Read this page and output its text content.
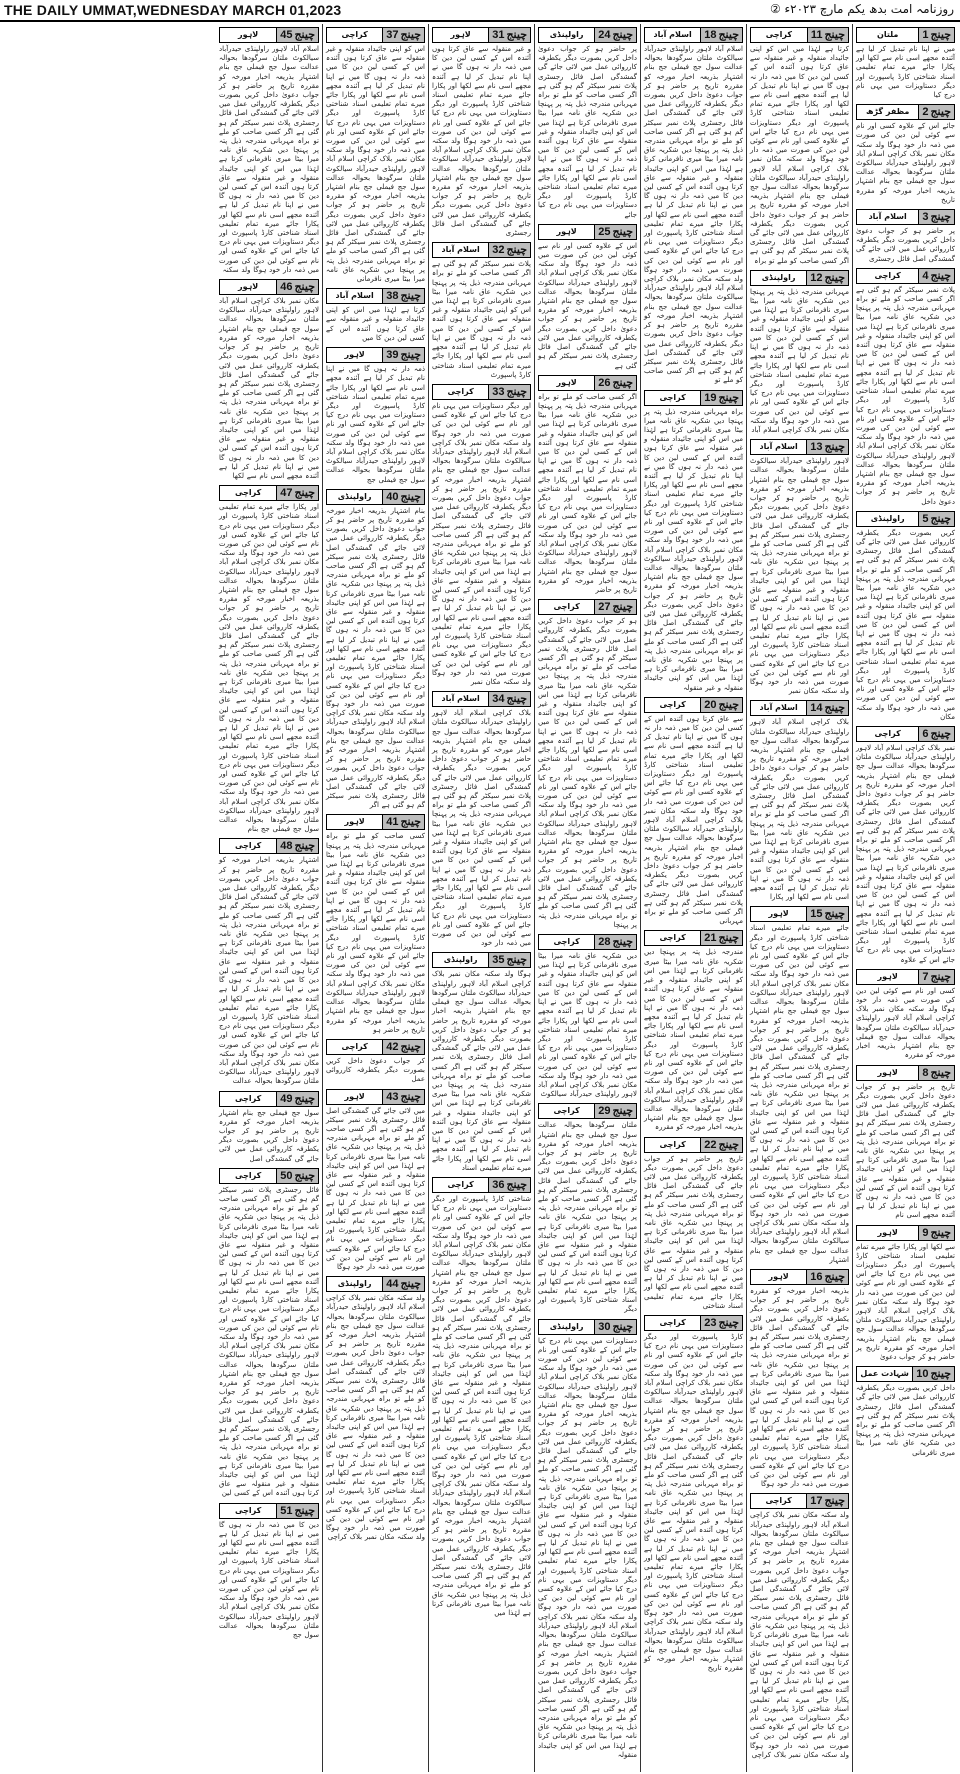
THE DAILY UMMAT,WEDNESDAY MARCH 01,2023	روزنامہ امت بدھ یکم مارچ ۲۰۲۳ء ②
چینج1
ملتان
میں نے اپنا نام تبدیل کر لیا ہے آئندہ مجھے اسی نام سے لکھا اور پکارا جائے میرے تمام تعلیمی اسناد شناختی کارڈ پاسپورٹ اور دیگر دستاویزات میں یہی نام درج کیا
چینج2
مظفر گڑھ
جائے اس کے علاوہ کسی اور نام سے کوئی لین دین کی صورت میں ذمہ دار خود ہوگا ولد سکنہ مکان نمبر بلاک کراچی اسلام آباد لاہور راولپنڈی حیدرآباد سیالکوٹ ملتان سرگودھا بحوالہ عدالت سول جج فیملی جج بنام اشتہار بذریعہ اخبار مورخہ کو مقررہ تاریخ
چینج3
اسلام آباد
پر حاضر ہو کر جواب دعویٰ داخل کریں بصورت دیگر یکطرفہ کارروائی عمل میں لائی جائے گی گمشدگی اصل فائل رجسٹری
چینج4
کراچی
پلاٹ نمبر سیکٹر گم ہو گئی ہے اگر کسی صاحب کو ملے تو براہ مہربانی مندرجہ ذیل پتہ پر پہنچا دیں شکریہ عاق نامہ میرا بیٹا میری نافرمانی کرتا ہے لہٰذا میں اس کو اپنی جائیداد منقولہ و غیر منقولہ سے عاق کرتا ہوں آئندہ اس کے کسی لین دین کا میں ذمہ دار نہ ہوں گا میں نے اپنا نام تبدیل کر لیا ہے آئندہ مجھے اسی نام سے لکھا اور پکارا جائے میرے تمام تعلیمی اسناد شناختی کارڈ پاسپورٹ اور دیگر دستاویزات میں یہی نام درج کیا جائے اس کے علاوہ کسی اور نام سے کوئی لین دین کی صورت میں ذمہ دار خود ہوگا ولد سکنہ مکان نمبر بلاک کراچی اسلام آباد لاہور راولپنڈی حیدرآباد سیالکوٹ ملتان سرگودھا بحوالہ عدالت سول جج فیملی جج بنام اشتہار بذریعہ اخبار مورخہ کو مقررہ تاریخ پر حاضر ہو کر جواب دعویٰ داخل
چینج5
راولپنڈی
کریں بصورت دیگر یکطرفہ کارروائی عمل میں لائی جائے گی گمشدگی اصل فائل رجسٹری پلاٹ نمبر سیکٹر گم ہو گئی ہے اگر کسی صاحب کو ملے تو براہ مہربانی مندرجہ ذیل پتہ پر پہنچا دیں شکریہ عاق نامہ میرا بیٹا میری نافرمانی کرتا ہے لہٰذا میں اس کو اپنی جائیداد منقولہ و غیر منقولہ سے عاق کرتا ہوں آئندہ اس کے کسی لین دین کا میں ذمہ دار نہ ہوں گا میں نے اپنا نام تبدیل کر لیا ہے آئندہ مجھے اسی نام سے لکھا اور پکارا جائے میرے تمام تعلیمی اسناد شناختی کارڈ پاسپورٹ اور دیگر دستاویزات میں یہی نام درج کیا جائے اس کے علاوہ کسی اور نام سے کوئی لین دین کی صورت میں ذمہ دار خود ہوگا ولد سکنہ مکان
چینج6
کراچی
نمبر بلاک کراچی اسلام آباد لاہور راولپنڈی حیدرآباد سیالکوٹ ملتان سرگودھا بحوالہ عدالت سول جج فیملی جج بنام اشتہار بذریعہ اخبار مورخہ کو مقررہ تاریخ پر حاضر ہو کر جواب دعویٰ داخل کریں بصورت دیگر یکطرفہ کارروائی عمل میں لائی جائے گی گمشدگی اصل فائل رجسٹری پلاٹ نمبر سیکٹر گم ہو گئی ہے اگر کسی صاحب کو ملے تو براہ مہربانی مندرجہ ذیل پتہ پر پہنچا دیں شکریہ عاق نامہ میرا بیٹا میری نافرمانی کرتا ہے لہٰذا میں اس کو اپنی جائیداد منقولہ و غیر منقولہ سے عاق کرتا ہوں آئندہ اس کے کسی لین دین کا میں ذمہ دار نہ ہوں گا میں نے اپنا نام تبدیل کر لیا ہے آئندہ مجھے اسی نام سے لکھا اور پکارا جائے میرے تمام تعلیمی اسناد شناختی کارڈ پاسپورٹ اور دیگر دستاویزات میں یہی نام درج کیا جائے اس کے علاوہ
چینج7
لاہور
کسی اور نام سے کوئی لین دین کی صورت میں ذمہ دار خود ہوگا ولد سکنہ مکان نمبر بلاک کراچی اسلام آباد لاہور راولپنڈی حیدرآباد سیالکوٹ ملتان سرگودھا بحوالہ عدالت سول جج فیملی جج بنام اشتہار بذریعہ اخبار مورخہ کو مقررہ
چینج8
لاہور
تاریخ پر حاضر ہو کر جواب دعویٰ داخل کریں بصورت دیگر یکطرفہ کارروائی عمل میں لائی جائے گی گمشدگی اصل فائل رجسٹری پلاٹ نمبر سیکٹر گم ہو گئی ہے اگر کسی صاحب کو ملے تو براہ مہربانی مندرجہ ذیل پتہ پر پہنچا دیں شکریہ عاق نامہ میرا بیٹا میری نافرمانی کرتا ہے لہٰذا میں اس کو اپنی جائیداد منقولہ و غیر منقولہ سے عاق کرتا ہوں آئندہ اس کے کسی لین دین کا میں ذمہ دار نہ ہوں گا میں نے اپنا نام تبدیل کر لیا ہے آئندہ مجھے اسی نام
چینج9
لاہور
سے لکھا اور پکارا جائے میرے تمام تعلیمی اسناد شناختی کارڈ پاسپورٹ اور دیگر دستاویزات میں یہی نام درج کیا جائے اس کے علاوہ کسی اور نام سے کوئی لین دین کی صورت میں ذمہ دار خود ہوگا ولد سکنہ مکان نمبر بلاک کراچی اسلام آباد لاہور راولپنڈی حیدرآباد سیالکوٹ ملتان سرگودھا بحوالہ عدالت سول جج فیملی جج بنام اشتہار بذریعہ اخبار مورخہ کو مقررہ تاریخ پر حاضر ہو کر جواب دعویٰ
چینج10
شہادت عمل
داخل کریں بصورت دیگر یکطرفہ کارروائی عمل میں لائی جائے گی گمشدگی اصل فائل رجسٹری پلاٹ نمبر سیکٹر گم ہو گئی ہے اگر کسی صاحب کو ملے تو براہ مہربانی مندرجہ ذیل پتہ پر پہنچا دیں شکریہ عاق نامہ میرا بیٹا میری نافرمانی
چینج11
کراچی
کرتا ہے لہٰذا میں اس کو اپنی جائیداد منقولہ و غیر منقولہ سے عاق کرتا ہوں آئندہ اس کے کسی لین دین کا میں ذمہ دار نہ ہوں گا میں نے اپنا نام تبدیل کر لیا ہے آئندہ مجھے اسی نام سے لکھا اور پکارا جائے میرے تمام تعلیمی اسناد شناختی کارڈ پاسپورٹ اور دیگر دستاویزات میں یہی نام درج کیا جائے اس کے علاوہ کسی اور نام سے کوئی لین دین کی صورت میں ذمہ دار خود ہوگا ولد سکنہ مکان نمبر بلاک کراچی اسلام آباد لاہور راولپنڈی حیدرآباد سیالکوٹ ملتان سرگودھا بحوالہ عدالت سول جج فیملی جج بنام اشتہار بذریعہ اخبار مورخہ کو مقررہ تاریخ پر حاضر ہو کر جواب دعویٰ داخل کریں بصورت دیگر یکطرفہ کارروائی عمل میں لائی جائے گی گمشدگی اصل فائل رجسٹری پلاٹ نمبر سیکٹر گم ہو گئی ہے اگر کسی صاحب کو ملے تو براہ
چینج12
راولپنڈی
مہربانی مندرجہ ذیل پتہ پر پہنچا دیں شکریہ عاق نامہ میرا بیٹا میری نافرمانی کرتا ہے لہٰذا میں اس کو اپنی جائیداد منقولہ و غیر منقولہ سے عاق کرتا ہوں آئندہ اس کے کسی لین دین کا میں ذمہ دار نہ ہوں گا میں نے اپنا نام تبدیل کر لیا ہے آئندہ مجھے اسی نام سے لکھا اور پکارا جائے میرے تمام تعلیمی اسناد شناختی کارڈ پاسپورٹ اور دیگر دستاویزات میں یہی نام درج کیا جائے اس کے علاوہ کسی اور نام سے کوئی لین دین کی صورت میں ذمہ دار خود ہوگا ولد سکنہ مکان نمبر بلاک کراچی اسلام آباد
چینج13
اسلام آباد
لاہور راولپنڈی حیدرآباد سیالکوٹ ملتان سرگودھا بحوالہ عدالت سول جج فیملی جج بنام اشتہار بذریعہ اخبار مورخہ کو مقررہ تاریخ پر حاضر ہو کر جواب دعویٰ داخل کریں بصورت دیگر یکطرفہ کارروائی عمل میں لائی جائے گی گمشدگی اصل فائل رجسٹری پلاٹ نمبر سیکٹر گم ہو گئی ہے اگر کسی صاحب کو ملے تو براہ مہربانی مندرجہ ذیل پتہ پر پہنچا دیں شکریہ عاق نامہ میرا بیٹا میری نافرمانی کرتا ہے لہٰذا میں اس کو اپنی جائیداد منقولہ و غیر منقولہ سے عاق کرتا ہوں آئندہ اس کے کسی لین دین کا میں ذمہ دار نہ ہوں گا میں نے اپنا نام تبدیل کر لیا ہے آئندہ مجھے اسی نام سے لکھا اور پکارا جائے میرے تمام تعلیمی اسناد شناختی کارڈ پاسپورٹ اور دیگر دستاویزات میں یہی نام درج کیا جائے اس کے علاوہ کسی اور نام سے کوئی لین دین کی صورت میں ذمہ دار خود ہوگا ولد سکنہ مکان نمبر
چینج14
اسلام آباد
بلاک کراچی اسلام آباد لاہور راولپنڈی حیدرآباد سیالکوٹ ملتان سرگودھا بحوالہ عدالت سول جج فیملی جج بنام اشتہار بذریعہ اخبار مورخہ کو مقررہ تاریخ پر حاضر ہو کر جواب دعویٰ داخل کریں بصورت دیگر یکطرفہ کارروائی عمل میں لائی جائے گی گمشدگی اصل فائل رجسٹری پلاٹ نمبر سیکٹر گم ہو گئی ہے اگر کسی صاحب کو ملے تو براہ مہربانی مندرجہ ذیل پتہ پر پہنچا دیں شکریہ عاق نامہ میرا بیٹا میری نافرمانی کرتا ہے لہٰذا میں اس کو اپنی جائیداد منقولہ و غیر منقولہ سے عاق کرتا ہوں آئندہ اس کے کسی لین دین کا میں ذمہ دار نہ ہوں گا میں نے اپنا نام تبدیل کر لیا ہے آئندہ مجھے اسی نام سے لکھا اور پکارا
چینج15
لاہور
جائے میرے تمام تعلیمی اسناد شناختی کارڈ پاسپورٹ اور دیگر دستاویزات میں یہی نام درج کیا جائے اس کے علاوہ کسی اور نام سے کوئی لین دین کی صورت میں ذمہ دار خود ہوگا ولد سکنہ مکان نمبر بلاک کراچی اسلام آباد لاہور راولپنڈی حیدرآباد سیالکوٹ ملتان سرگودھا بحوالہ عدالت سول جج فیملی جج بنام اشتہار بذریعہ اخبار مورخہ کو مقررہ تاریخ پر حاضر ہو کر جواب دعویٰ داخل کریں بصورت دیگر یکطرفہ کارروائی عمل میں لائی جائے گی گمشدگی اصل فائل رجسٹری پلاٹ نمبر سیکٹر گم ہو گئی ہے اگر کسی صاحب کو ملے تو براہ مہربانی مندرجہ ذیل پتہ پر پہنچا دیں شکریہ عاق نامہ میرا بیٹا میری نافرمانی کرتا ہے لہٰذا میں اس کو اپنی جائیداد منقولہ و غیر منقولہ سے عاق کرتا ہوں آئندہ اس کے کسی لین دین کا میں ذمہ دار نہ ہوں گا میں نے اپنا نام تبدیل کر لیا ہے آئندہ مجھے اسی نام سے لکھا اور پکارا جائے میرے تمام تعلیمی اسناد شناختی کارڈ پاسپورٹ اور دیگر دستاویزات میں یہی نام درج کیا جائے اس کے علاوہ کسی اور نام سے کوئی لین دین کی صورت میں ذمہ دار خود ہوگا ولد سکنہ مکان نمبر بلاک کراچی اسلام آباد لاہور راولپنڈی حیدرآباد سیالکوٹ ملتان سرگودھا بحوالہ عدالت سول جج فیملی جج بنام اشتہار
چینج16
لاہور
بذریعہ اخبار مورخہ کو مقررہ تاریخ پر حاضر ہو کر جواب دعویٰ داخل کریں بصورت دیگر یکطرفہ کارروائی عمل میں لائی جائے گی گمشدگی اصل فائل رجسٹری پلاٹ نمبر سیکٹر گم ہو گئی ہے اگر کسی صاحب کو ملے تو براہ مہربانی مندرجہ ذیل پتہ پر پہنچا دیں شکریہ عاق نامہ میرا بیٹا میری نافرمانی کرتا ہے لہٰذا میں اس کو اپنی جائیداد منقولہ و غیر منقولہ سے عاق کرتا ہوں آئندہ اس کے کسی لین دین کا میں ذمہ دار نہ ہوں گا میں نے اپنا نام تبدیل کر لیا ہے آئندہ مجھے اسی نام سے لکھا اور پکارا جائے میرے تمام تعلیمی اسناد شناختی کارڈ پاسپورٹ اور دیگر دستاویزات میں یہی نام درج کیا جائے اس کے علاوہ کسی اور نام سے کوئی لین دین کی صورت میں ذمہ دار خود ہوگا
چینج17
کراچی
ولد سکنہ مکان نمبر بلاک کراچی اسلام آباد لاہور راولپنڈی حیدرآباد سیالکوٹ ملتان سرگودھا بحوالہ عدالت سول جج فیملی جج بنام اشتہار بذریعہ اخبار مورخہ کو مقررہ تاریخ پر حاضر ہو کر جواب دعویٰ داخل کریں بصورت دیگر یکطرفہ کارروائی عمل میں لائی جائے گی گمشدگی اصل فائل رجسٹری پلاٹ نمبر سیکٹر گم ہو گئی ہے اگر کسی صاحب کو ملے تو براہ مہربانی مندرجہ ذیل پتہ پر پہنچا دیں شکریہ عاق نامہ میرا بیٹا میری نافرمانی کرتا ہے لہٰذا میں اس کو اپنی جائیداد منقولہ و غیر منقولہ سے عاق کرتا ہوں آئندہ اس کے کسی لین دین کا میں ذمہ دار نہ ہوں گا میں نے اپنا نام تبدیل کر لیا ہے آئندہ مجھے اسی نام سے لکھا اور پکارا جائے میرے تمام تعلیمی اسناد شناختی کارڈ پاسپورٹ اور دیگر دستاویزات میں یہی نام درج کیا جائے اس کے علاوہ کسی اور نام سے کوئی لین دین کی صورت میں ذمہ دار خود ہوگا ولد سکنہ مکان نمبر بلاک کراچی
چینج18
اسلام آباد
اسلام آباد لاہور راولپنڈی حیدرآباد سیالکوٹ ملتان سرگودھا بحوالہ عدالت سول جج فیملی جج بنام اشتہار بذریعہ اخبار مورخہ کو مقررہ تاریخ پر حاضر ہو کر جواب دعویٰ داخل کریں بصورت دیگر یکطرفہ کارروائی عمل میں لائی جائے گی گمشدگی اصل فائل رجسٹری پلاٹ نمبر سیکٹر گم ہو گئی ہے اگر کسی صاحب کو ملے تو براہ مہربانی مندرجہ ذیل پتہ پر پہنچا دیں شکریہ عاق نامہ میرا بیٹا میری نافرمانی کرتا ہے لہٰذا میں اس کو اپنی جائیداد منقولہ و غیر منقولہ سے عاق کرتا ہوں آئندہ اس کے کسی لین دین کا میں ذمہ دار نہ ہوں گا میں نے اپنا نام تبدیل کر لیا ہے آئندہ مجھے اسی نام سے لکھا اور پکارا جائے میرے تمام تعلیمی اسناد شناختی کارڈ پاسپورٹ اور دیگر دستاویزات میں یہی نام درج کیا جائے اس کے علاوہ کسی اور نام سے کوئی لین دین کی صورت میں ذمہ دار خود ہوگا ولد سکنہ مکان نمبر بلاک کراچی اسلام آباد لاہور راولپنڈی حیدرآباد سیالکوٹ ملتان سرگودھا بحوالہ عدالت سول جج فیملی جج بنام اشتہار بذریعہ اخبار مورخہ کو مقررہ تاریخ پر حاضر ہو کر جواب دعویٰ داخل کریں بصورت دیگر یکطرفہ کارروائی عمل میں لائی جائے گی گمشدگی اصل فائل رجسٹری پلاٹ نمبر سیکٹر گم ہو گئی ہے اگر کسی صاحب کو ملے تو
چینج19
کراچی
براہ مہربانی مندرجہ ذیل پتہ پر پہنچا دیں شکریہ عاق نامہ میرا بیٹا میری نافرمانی کرتا ہے لہٰذا میں اس کو اپنی جائیداد منقولہ و غیر منقولہ سے عاق کرتا ہوں آئندہ اس کے کسی لین دین کا میں ذمہ دار نہ ہوں گا میں نے اپنا نام تبدیل کر لیا ہے آئندہ مجھے اسی نام سے لکھا اور پکارا جائے میرے تمام تعلیمی اسناد شناختی کارڈ پاسپورٹ اور دیگر دستاویزات میں یہی نام درج کیا جائے اس کے علاوہ کسی اور نام سے کوئی لین دین کی صورت میں ذمہ دار خود ہوگا ولد سکنہ مکان نمبر بلاک کراچی اسلام آباد لاہور راولپنڈی حیدرآباد سیالکوٹ ملتان سرگودھا بحوالہ عدالت سول جج فیملی جج بنام اشتہار بذریعہ اخبار مورخہ کو مقررہ تاریخ پر حاضر ہو کر جواب دعویٰ داخل کریں بصورت دیگر یکطرفہ کارروائی عمل میں لائی جائے گی گمشدگی اصل فائل رجسٹری پلاٹ نمبر سیکٹر گم ہو گئی ہے اگر کسی صاحب کو ملے تو براہ مہربانی مندرجہ ذیل پتہ پر پہنچا دیں شکریہ عاق نامہ میرا بیٹا میری نافرمانی کرتا ہے لہٰذا میں اس کو اپنی جائیداد منقولہ و غیر منقولہ
چینج20
کراچی
سے عاق کرتا ہوں آئندہ اس کے کسی لین دین کا میں ذمہ دار نہ ہوں گا میں نے اپنا نام تبدیل کر لیا ہے آئندہ مجھے اسی نام سے لکھا اور پکارا جائے میرے تمام تعلیمی اسناد شناختی کارڈ پاسپورٹ اور دیگر دستاویزات میں یہی نام درج کیا جائے اس کے علاوہ کسی اور نام سے کوئی لین دین کی صورت میں ذمہ دار خود ہوگا ولد سکنہ مکان نمبر بلاک کراچی اسلام آباد لاہور راولپنڈی حیدرآباد سیالکوٹ ملتان سرگودھا بحوالہ عدالت سول جج فیملی جج بنام اشتہار بذریعہ اخبار مورخہ کو مقررہ تاریخ پر حاضر ہو کر جواب دعویٰ داخل کریں بصورت دیگر یکطرفہ کارروائی عمل میں لائی جائے گی گمشدگی اصل فائل رجسٹری پلاٹ نمبر سیکٹر گم ہو گئی ہے اگر کسی صاحب کو ملے تو براہ مہربانی
چینج21
کراچی
مندرجہ ذیل پتہ پر پہنچا دیں شکریہ عاق نامہ میرا بیٹا میری نافرمانی کرتا ہے لہٰذا میں اس کو اپنی جائیداد منقولہ و غیر منقولہ سے عاق کرتا ہوں آئندہ اس کے کسی لین دین کا میں ذمہ دار نہ ہوں گا میں نے اپنا نام تبدیل کر لیا ہے آئندہ مجھے اسی نام سے لکھا اور پکارا جائے میرے تمام تعلیمی اسناد شناختی کارڈ پاسپورٹ اور دیگر دستاویزات میں یہی نام درج کیا جائے اس کے علاوہ کسی اور نام سے کوئی لین دین کی صورت میں ذمہ دار خود ہوگا ولد سکنہ مکان نمبر بلاک کراچی اسلام آباد لاہور راولپنڈی حیدرآباد سیالکوٹ ملتان سرگودھا بحوالہ عدالت سول جج فیملی جج بنام اشتہار بذریعہ اخبار مورخہ کو مقررہ
چینج22
کراچی
تاریخ پر حاضر ہو کر جواب دعویٰ داخل کریں بصورت دیگر یکطرفہ کارروائی عمل میں لائی جائے گی گمشدگی اصل فائل رجسٹری پلاٹ نمبر سیکٹر گم ہو گئی ہے اگر کسی صاحب کو ملے تو براہ مہربانی مندرجہ ذیل پتہ پر پہنچا دیں شکریہ عاق نامہ میرا بیٹا میری نافرمانی کرتا ہے لہٰذا میں اس کو اپنی جائیداد منقولہ و غیر منقولہ سے عاق کرتا ہوں آئندہ اس کے کسی لین دین کا میں ذمہ دار نہ ہوں گا میں نے اپنا نام تبدیل کر لیا ہے آئندہ مجھے اسی نام سے لکھا اور پکارا جائے میرے تمام تعلیمی اسناد شناختی
چینج23
کراچی
کارڈ پاسپورٹ اور دیگر دستاویزات میں یہی نام درج کیا جائے اس کے علاوہ کسی اور نام سے کوئی لین دین کی صورت میں ذمہ دار خود ہوگا ولد سکنہ مکان نمبر بلاک کراچی اسلام آباد لاہور راولپنڈی حیدرآباد سیالکوٹ ملتان سرگودھا بحوالہ عدالت سول جج فیملی جج بنام اشتہار بذریعہ اخبار مورخہ کو مقررہ تاریخ پر حاضر ہو کر جواب دعویٰ داخل کریں بصورت دیگر یکطرفہ کارروائی عمل میں لائی جائے گی گمشدگی اصل فائل رجسٹری پلاٹ نمبر سیکٹر گم ہو گئی ہے اگر کسی صاحب کو ملے تو براہ مہربانی مندرجہ ذیل پتہ پر پہنچا دیں شکریہ عاق نامہ میرا بیٹا میری نافرمانی کرتا ہے لہٰذا میں اس کو اپنی جائیداد منقولہ و غیر منقولہ سے عاق کرتا ہوں آئندہ اس کے کسی لین دین کا میں ذمہ دار نہ ہوں گا میں نے اپنا نام تبدیل کر لیا ہے آئندہ مجھے اسی نام سے لکھا اور پکارا جائے میرے تمام تعلیمی اسناد شناختی کارڈ پاسپورٹ اور دیگر دستاویزات میں یہی نام درج کیا جائے اس کے علاوہ کسی اور نام سے کوئی لین دین کی صورت میں ذمہ دار خود ہوگا ولد سکنہ مکان نمبر بلاک کراچی اسلام آباد لاہور راولپنڈی حیدرآباد سیالکوٹ ملتان سرگودھا بحوالہ عدالت سول جج فیملی جج بنام اشتہار بذریعہ اخبار مورخہ کو مقررہ تاریخ
چینج24
راولپنڈی
پر حاضر ہو کر جواب دعویٰ داخل کریں بصورت دیگر یکطرفہ کارروائی عمل میں لائی جائے گی گمشدگی اصل فائل رجسٹری پلاٹ نمبر سیکٹر گم ہو گئی ہے اگر کسی صاحب کو ملے تو براہ مہربانی مندرجہ ذیل پتہ پر پہنچا دیں شکریہ عاق نامہ میرا بیٹا میری نافرمانی کرتا ہے لہٰذا میں اس کو اپنی جائیداد منقولہ و غیر منقولہ سے عاق کرتا ہوں آئندہ اس کے کسی لین دین کا میں ذمہ دار نہ ہوں گا میں نے اپنا نام تبدیل کر لیا ہے آئندہ مجھے اسی نام سے لکھا اور پکارا جائے میرے تمام تعلیمی اسناد شناختی کارڈ پاسپورٹ اور دیگر دستاویزات میں یہی نام درج کیا جائے
چینج25
لاہور
اس کے علاوہ کسی اور نام سے کوئی لین دین کی صورت میں ذمہ دار خود ہوگا ولد سکنہ مکان نمبر بلاک کراچی اسلام آباد لاہور راولپنڈی حیدرآباد سیالکوٹ ملتان سرگودھا بحوالہ عدالت سول جج فیملی جج بنام اشتہار بذریعہ اخبار مورخہ کو مقررہ تاریخ پر حاضر ہو کر جواب دعویٰ داخل کریں بصورت دیگر یکطرفہ کارروائی عمل میں لائی جائے گی گمشدگی اصل فائل رجسٹری پلاٹ نمبر سیکٹر گم ہو گئی ہے
چینج26
لاہور
اگر کسی صاحب کو ملے تو براہ مہربانی مندرجہ ذیل پتہ پر پہنچا دیں شکریہ عاق نامہ میرا بیٹا میری نافرمانی کرتا ہے لہٰذا میں اس کو اپنی جائیداد منقولہ و غیر منقولہ سے عاق کرتا ہوں آئندہ اس کے کسی لین دین کا میں ذمہ دار نہ ہوں گا میں نے اپنا نام تبدیل کر لیا ہے آئندہ مجھے اسی نام سے لکھا اور پکارا جائے میرے تمام تعلیمی اسناد شناختی کارڈ پاسپورٹ اور دیگر دستاویزات میں یہی نام درج کیا جائے اس کے علاوہ کسی اور نام سے کوئی لین دین کی صورت میں ذمہ دار خود ہوگا ولد سکنہ مکان نمبر بلاک کراچی اسلام آباد لاہور راولپنڈی حیدرآباد سیالکوٹ ملتان سرگودھا بحوالہ عدالت سول جج فیملی جج بنام اشتہار بذریعہ اخبار مورخہ کو مقررہ تاریخ پر حاضر
چینج27
کراچی
ہو کر جواب دعویٰ داخل کریں بصورت دیگر یکطرفہ کارروائی عمل میں لائی جائے گی گمشدگی اصل فائل رجسٹری پلاٹ نمبر سیکٹر گم ہو گئی ہے اگر کسی صاحب کو ملے تو براہ مہربانی مندرجہ ذیل پتہ پر پہنچا دیں شکریہ عاق نامہ میرا بیٹا میری نافرمانی کرتا ہے لہٰذا میں اس کو اپنی جائیداد منقولہ و غیر منقولہ سے عاق کرتا ہوں آئندہ اس کے کسی لین دین کا میں ذمہ دار نہ ہوں گا میں نے اپنا نام تبدیل کر لیا ہے آئندہ مجھے اسی نام سے لکھا اور پکارا جائے میرے تمام تعلیمی اسناد شناختی کارڈ پاسپورٹ اور دیگر دستاویزات میں یہی نام درج کیا جائے اس کے علاوہ کسی اور نام سے کوئی لین دین کی صورت میں ذمہ دار خود ہوگا ولد سکنہ مکان نمبر بلاک کراچی اسلام آباد لاہور راولپنڈی حیدرآباد سیالکوٹ ملتان سرگودھا بحوالہ عدالت سول جج فیملی جج بنام اشتہار بذریعہ اخبار مورخہ کو مقررہ تاریخ پر حاضر ہو کر جواب دعویٰ داخل کریں بصورت دیگر یکطرفہ کارروائی عمل میں لائی جائے گی گمشدگی اصل فائل رجسٹری پلاٹ نمبر سیکٹر گم ہو گئی ہے اگر کسی صاحب کو ملے تو براہ مہربانی مندرجہ ذیل پتہ پر پہنچا
چینج28
کراچی
دیں شکریہ عاق نامہ میرا بیٹا میری نافرمانی کرتا ہے لہٰذا میں اس کو اپنی جائیداد منقولہ و غیر منقولہ سے عاق کرتا ہوں آئندہ اس کے کسی لین دین کا میں ذمہ دار نہ ہوں گا میں نے اپنا نام تبدیل کر لیا ہے آئندہ مجھے اسی نام سے لکھا اور پکارا جائے میرے تمام تعلیمی اسناد شناختی کارڈ پاسپورٹ اور دیگر دستاویزات میں یہی نام درج کیا جائے اس کے علاوہ کسی اور نام سے کوئی لین دین کی صورت میں ذمہ دار خود ہوگا ولد سکنہ مکان نمبر بلاک کراچی اسلام آباد لاہور راولپنڈی حیدرآباد سیالکوٹ
چینج29
کراچی
ملتان سرگودھا بحوالہ عدالت سول جج فیملی جج بنام اشتہار بذریعہ اخبار مورخہ کو مقررہ تاریخ پر حاضر ہو کر جواب دعویٰ داخل کریں بصورت دیگر یکطرفہ کارروائی عمل میں لائی جائے گی گمشدگی اصل فائل رجسٹری پلاٹ نمبر سیکٹر گم ہو گئی ہے اگر کسی صاحب کو ملے تو براہ مہربانی مندرجہ ذیل پتہ پر پہنچا دیں شکریہ عاق نامہ میرا بیٹا میری نافرمانی کرتا ہے لہٰذا میں اس کو اپنی جائیداد منقولہ و غیر منقولہ سے عاق کرتا ہوں آئندہ اس کے کسی لین دین کا میں ذمہ دار نہ ہوں گا میں نے اپنا نام تبدیل کر لیا ہے آئندہ مجھے اسی نام سے لکھا اور پکارا جائے میرے تمام تعلیمی اسناد شناختی کارڈ پاسپورٹ اور دیگر
چینج30
راولپنڈی
دستاویزات میں یہی نام درج کیا جائے اس کے علاوہ کسی اور نام سے کوئی لین دین کی صورت میں ذمہ دار خود ہوگا ولد سکنہ مکان نمبر بلاک کراچی اسلام آباد لاہور راولپنڈی حیدرآباد سیالکوٹ ملتان سرگودھا بحوالہ عدالت سول جج فیملی جج بنام اشتہار بذریعہ اخبار مورخہ کو مقررہ تاریخ پر حاضر ہو کر جواب دعویٰ داخل کریں بصورت دیگر یکطرفہ کارروائی عمل میں لائی جائے گی گمشدگی اصل فائل رجسٹری پلاٹ نمبر سیکٹر گم ہو گئی ہے اگر کسی صاحب کو ملے تو براہ مہربانی مندرجہ ذیل پتہ پر پہنچا دیں شکریہ عاق نامہ میرا بیٹا میری نافرمانی کرتا ہے لہٰذا میں اس کو اپنی جائیداد منقولہ و غیر منقولہ سے عاق کرتا ہوں آئندہ اس کے کسی لین دین کا میں ذمہ دار نہ ہوں گا میں نے اپنا نام تبدیل کر لیا ہے آئندہ مجھے اسی نام سے لکھا اور پکارا جائے میرے تمام تعلیمی اسناد شناختی کارڈ پاسپورٹ اور دیگر دستاویزات میں یہی نام درج کیا جائے اس کے علاوہ کسی اور نام سے کوئی لین دین کی صورت میں ذمہ دار خود ہوگا ولد سکنہ مکان نمبر بلاک کراچی اسلام آباد لاہور راولپنڈی حیدرآباد سیالکوٹ ملتان سرگودھا بحوالہ عدالت سول جج فیملی جج بنام اشتہار بذریعہ اخبار مورخہ کو مقررہ تاریخ پر حاضر ہو کر جواب دعویٰ داخل کریں بصورت دیگر یکطرفہ کارروائی عمل میں لائی جائے گی گمشدگی اصل فائل رجسٹری پلاٹ نمبر سیکٹر گم ہو گئی ہے اگر کسی صاحب کو ملے تو براہ مہربانی مندرجہ ذیل پتہ پر پہنچا دیں شکریہ عاق نامہ میرا بیٹا میری نافرمانی کرتا ہے لہٰذا میں اس کو اپنی جائیداد منقولہ
چینج31
لاہور
و غیر منقولہ سے عاق کرتا ہوں آئندہ اس کے کسی لین دین کا میں ذمہ دار نہ ہوں گا میں نے اپنا نام تبدیل کر لیا ہے آئندہ مجھے اسی نام سے لکھا اور پکارا جائے میرے تمام تعلیمی اسناد شناختی کارڈ پاسپورٹ اور دیگر دستاویزات میں یہی نام درج کیا جائے اس کے علاوہ کسی اور نام سے کوئی لین دین کی صورت میں ذمہ دار خود ہوگا ولد سکنہ مکان نمبر بلاک کراچی اسلام آباد لاہور راولپنڈی حیدرآباد سیالکوٹ ملتان سرگودھا بحوالہ عدالت سول جج فیملی جج بنام اشتہار بذریعہ اخبار مورخہ کو مقررہ تاریخ پر حاضر ہو کر جواب دعویٰ داخل کریں بصورت دیگر یکطرفہ کارروائی عمل میں لائی جائے گی گمشدگی اصل فائل رجسٹری
چینج32
اسلام آباد
پلاٹ نمبر سیکٹر گم ہو گئی ہے اگر کسی صاحب کو ملے تو براہ مہربانی مندرجہ ذیل پتہ پر پہنچا دیں شکریہ عاق نامہ میرا بیٹا میری نافرمانی کرتا ہے لہٰذا میں اس کو اپنی جائیداد منقولہ و غیر منقولہ سے عاق کرتا ہوں آئندہ اس کے کسی لین دین کا میں ذمہ دار نہ ہوں گا میں نے اپنا نام تبدیل کر لیا ہے آئندہ مجھے اسی نام سے لکھا اور پکارا جائے میرے تمام تعلیمی اسناد شناختی کارڈ پاسپورٹ
چینج33
کراچی
اور دیگر دستاویزات میں یہی نام درج کیا جائے اس کے علاوہ کسی اور نام سے کوئی لین دین کی صورت میں ذمہ دار خود ہوگا ولد سکنہ مکان نمبر بلاک کراچی اسلام آباد لاہور راولپنڈی حیدرآباد سیالکوٹ ملتان سرگودھا بحوالہ عدالت سول جج فیملی جج بنام اشتہار بذریعہ اخبار مورخہ کو مقررہ تاریخ پر حاضر ہو کر جواب دعویٰ داخل کریں بصورت دیگر یکطرفہ کارروائی عمل میں لائی جائے گی گمشدگی اصل فائل رجسٹری پلاٹ نمبر سیکٹر گم ہو گئی ہے اگر کسی صاحب کو ملے تو براہ مہربانی مندرجہ ذیل پتہ پر پہنچا دیں شکریہ عاق نامہ میرا بیٹا میری نافرمانی کرتا ہے لہٰذا میں اس کو اپنی جائیداد منقولہ و غیر منقولہ سے عاق کرتا ہوں آئندہ اس کے کسی لین دین کا میں ذمہ دار نہ ہوں گا میں نے اپنا نام تبدیل کر لیا ہے آئندہ مجھے اسی نام سے لکھا اور پکارا جائے میرے تمام تعلیمی اسناد شناختی کارڈ پاسپورٹ اور دیگر دستاویزات میں یہی نام درج کیا جائے اس کے علاوہ کسی اور نام سے کوئی لین دین کی صورت میں ذمہ دار خود ہوگا ولد سکنہ مکان نمبر
چینج34
اسلام آباد
بلاک کراچی اسلام آباد لاہور راولپنڈی حیدرآباد سیالکوٹ ملتان سرگودھا بحوالہ عدالت سول جج فیملی جج بنام اشتہار بذریعہ اخبار مورخہ کو مقررہ تاریخ پر حاضر ہو کر جواب دعویٰ داخل کریں بصورت دیگر یکطرفہ کارروائی عمل میں لائی جائے گی گمشدگی اصل فائل رجسٹری پلاٹ نمبر سیکٹر گم ہو گئی ہے اگر کسی صاحب کو ملے تو براہ مہربانی مندرجہ ذیل پتہ پر پہنچا دیں شکریہ عاق نامہ میرا بیٹا میری نافرمانی کرتا ہے لہٰذا میں اس کو اپنی جائیداد منقولہ و غیر منقولہ سے عاق کرتا ہوں آئندہ اس کے کسی لین دین کا میں ذمہ دار نہ ہوں گا میں نے اپنا نام تبدیل کر لیا ہے آئندہ مجھے اسی نام سے لکھا اور پکارا جائے میرے تمام تعلیمی اسناد شناختی کارڈ پاسپورٹ اور دیگر دستاویزات میں یہی نام درج کیا جائے اس کے علاوہ کسی اور نام سے کوئی لین دین کی صورت میں ذمہ دار خود
چینج35
راولپنڈی
ہوگا ولد سکنہ مکان نمبر بلاک کراچی اسلام آباد لاہور راولپنڈی حیدرآباد سیالکوٹ ملتان سرگودھا بحوالہ عدالت سول جج فیملی جج بنام اشتہار بذریعہ اخبار مورخہ کو مقررہ تاریخ پر حاضر ہو کر جواب دعویٰ داخل کریں بصورت دیگر یکطرفہ کارروائی عمل میں لائی جائے گی گمشدگی اصل فائل رجسٹری پلاٹ نمبر سیکٹر گم ہو گئی ہے اگر کسی صاحب کو ملے تو براہ مہربانی مندرجہ ذیل پتہ پر پہنچا دیں شکریہ عاق نامہ میرا بیٹا میری نافرمانی کرتا ہے لہٰذا میں اس کو اپنی جائیداد منقولہ و غیر منقولہ سے عاق کرتا ہوں آئندہ اس کے کسی لین دین کا میں ذمہ دار نہ ہوں گا میں نے اپنا نام تبدیل کر لیا ہے آئندہ مجھے اسی نام سے لکھا اور پکارا جائے میرے تمام تعلیمی اسناد
چینج36
کراچی
شناختی کارڈ پاسپورٹ اور دیگر دستاویزات میں یہی نام درج کیا جائے اس کے علاوہ کسی اور نام سے کوئی لین دین کی صورت میں ذمہ دار خود ہوگا ولد سکنہ مکان نمبر بلاک کراچی اسلام آباد لاہور راولپنڈی حیدرآباد سیالکوٹ ملتان سرگودھا بحوالہ عدالت سول جج فیملی جج بنام اشتہار بذریعہ اخبار مورخہ کو مقررہ تاریخ پر حاضر ہو کر جواب دعویٰ داخل کریں بصورت دیگر یکطرفہ کارروائی عمل میں لائی جائے گی گمشدگی اصل فائل رجسٹری پلاٹ نمبر سیکٹر گم ہو گئی ہے اگر کسی صاحب کو ملے تو براہ مہربانی مندرجہ ذیل پتہ پر پہنچا دیں شکریہ عاق نامہ میرا بیٹا میری نافرمانی کرتا ہے لہٰذا میں اس کو اپنی جائیداد منقولہ و غیر منقولہ سے عاق کرتا ہوں آئندہ اس کے کسی لین دین کا میں ذمہ دار نہ ہوں گا میں نے اپنا نام تبدیل کر لیا ہے آئندہ مجھے اسی نام سے لکھا اور پکارا جائے میرے تمام تعلیمی اسناد شناختی کارڈ پاسپورٹ اور دیگر دستاویزات میں یہی نام درج کیا جائے اس کے علاوہ کسی اور نام سے کوئی لین دین کی صورت میں ذمہ دار خود ہوگا ولد سکنہ مکان نمبر بلاک کراچی اسلام آباد لاہور راولپنڈی حیدرآباد سیالکوٹ ملتان سرگودھا بحوالہ عدالت سول جج فیملی جج بنام اشتہار بذریعہ اخبار مورخہ کو مقررہ تاریخ پر حاضر ہو کر جواب دعویٰ داخل کریں بصورت دیگر یکطرفہ کارروائی عمل میں لائی جائے گی گمشدگی اصل فائل رجسٹری پلاٹ نمبر سیکٹر گم ہو گئی ہے اگر کسی صاحب کو ملے تو براہ مہربانی مندرجہ ذیل پتہ پر پہنچا دیں شکریہ عاق نامہ میرا بیٹا میری نافرمانی کرتا ہے لہٰذا میں
چینج37
کراچی
اس کو اپنی جائیداد منقولہ و غیر منقولہ سے عاق کرتا ہوں آئندہ اس کے کسی لین دین کا میں ذمہ دار نہ ہوں گا میں نے اپنا نام تبدیل کر لیا ہے آئندہ مجھے اسی نام سے لکھا اور پکارا جائے میرے تمام تعلیمی اسناد شناختی کارڈ پاسپورٹ اور دیگر دستاویزات میں یہی نام درج کیا جائے اس کے علاوہ کسی اور نام سے کوئی لین دین کی صورت میں ذمہ دار خود ہوگا ولد سکنہ مکان نمبر بلاک کراچی اسلام آباد لاہور راولپنڈی حیدرآباد سیالکوٹ ملتان سرگودھا بحوالہ عدالت سول جج فیملی جج بنام اشتہار بذریعہ اخبار مورخہ کو مقررہ تاریخ پر حاضر ہو کر جواب دعویٰ داخل کریں بصورت دیگر یکطرفہ کارروائی عمل میں لائی جائے گی گمشدگی اصل فائل رجسٹری پلاٹ نمبر سیکٹر گم ہو گئی ہے اگر کسی صاحب کو ملے تو براہ مہربانی مندرجہ ذیل پتہ پر پہنچا دیں شکریہ عاق نامہ میرا بیٹا میری نافرمانی
چینج38
اسلام آباد
کرتا ہے لہٰذا میں اس کو اپنی جائیداد منقولہ و غیر منقولہ سے عاق کرتا ہوں آئندہ اس کے کسی لین دین کا میں
چینج39
لاہور
ذمہ دار نہ ہوں گا میں نے اپنا نام تبدیل کر لیا ہے آئندہ مجھے اسی نام سے لکھا اور پکارا جائے میرے تمام تعلیمی اسناد شناختی کارڈ پاسپورٹ اور دیگر دستاویزات میں یہی نام درج کیا جائے اس کے علاوہ کسی اور نام سے کوئی لین دین کی صورت میں ذمہ دار خود ہوگا ولد سکنہ مکان نمبر بلاک کراچی اسلام آباد لاہور راولپنڈی حیدرآباد سیالکوٹ ملتان سرگودھا بحوالہ عدالت سول جج فیملی جج
چینج40
راولپنڈی
بنام اشتہار بذریعہ اخبار مورخہ کو مقررہ تاریخ پر حاضر ہو کر جواب دعویٰ داخل کریں بصورت دیگر یکطرفہ کارروائی عمل میں لائی جائے گی گمشدگی اصل فائل رجسٹری پلاٹ نمبر سیکٹر گم ہو گئی ہے اگر کسی صاحب کو ملے تو براہ مہربانی مندرجہ ذیل پتہ پر پہنچا دیں شکریہ عاق نامہ میرا بیٹا میری نافرمانی کرتا ہے لہٰذا میں اس کو اپنی جائیداد منقولہ و غیر منقولہ سے عاق کرتا ہوں آئندہ اس کے کسی لین دین کا میں ذمہ دار نہ ہوں گا میں نے اپنا نام تبدیل کر لیا ہے آئندہ مجھے اسی نام سے لکھا اور پکارا جائے میرے تمام تعلیمی اسناد شناختی کارڈ پاسپورٹ اور دیگر دستاویزات میں یہی نام درج کیا جائے اس کے علاوہ کسی اور نام سے کوئی لین دین کی صورت میں ذمہ دار خود ہوگا ولد سکنہ مکان نمبر بلاک کراچی اسلام آباد لاہور راولپنڈی حیدرآباد سیالکوٹ ملتان سرگودھا بحوالہ عدالت سول جج فیملی جج بنام اشتہار بذریعہ اخبار مورخہ کو مقررہ تاریخ پر حاضر ہو کر جواب دعویٰ داخل کریں بصورت دیگر یکطرفہ کارروائی عمل میں لائی جائے گی گمشدگی اصل فائل رجسٹری پلاٹ نمبر سیکٹر گم ہو گئی ہے اگر
چینج41
لاہور
کسی صاحب کو ملے تو براہ مہربانی مندرجہ ذیل پتہ پر پہنچا دیں شکریہ عاق نامہ میرا بیٹا میری نافرمانی کرتا ہے لہٰذا میں اس کو اپنی جائیداد منقولہ و غیر منقولہ سے عاق کرتا ہوں آئندہ اس کے کسی لین دین کا میں ذمہ دار نہ ہوں گا میں نے اپنا نام تبدیل کر لیا ہے آئندہ مجھے اسی نام سے لکھا اور پکارا جائے میرے تمام تعلیمی اسناد شناختی کارڈ پاسپورٹ اور دیگر دستاویزات میں یہی نام درج کیا جائے اس کے علاوہ کسی اور نام سے کوئی لین دین کی صورت میں ذمہ دار خود ہوگا ولد سکنہ مکان نمبر بلاک کراچی اسلام آباد لاہور راولپنڈی حیدرآباد سیالکوٹ ملتان سرگودھا بحوالہ عدالت سول جج فیملی جج بنام اشتہار بذریعہ اخبار مورخہ کو مقررہ تاریخ پر حاضر ہو
چینج42
کراچی
کر جواب دعویٰ داخل کریں بصورت دیگر یکطرفہ کارروائی عمل
چینج43
لاہور
میں لائی جائے گی گمشدگی اصل فائل رجسٹری پلاٹ نمبر سیکٹر گم ہو گئی ہے اگر کسی صاحب کو ملے تو براہ مہربانی مندرجہ ذیل پتہ پر پہنچا دیں شکریہ عاق نامہ میرا بیٹا میری نافرمانی کرتا ہے لہٰذا میں اس کو اپنی جائیداد منقولہ و غیر منقولہ سے عاق کرتا ہوں آئندہ اس کے کسی لین دین کا میں ذمہ دار نہ ہوں گا میں نے اپنا نام تبدیل کر لیا ہے آئندہ مجھے اسی نام سے لکھا اور پکارا جائے میرے تمام تعلیمی اسناد شناختی کارڈ پاسپورٹ اور دیگر دستاویزات میں یہی نام درج کیا جائے اس کے علاوہ کسی اور نام سے کوئی لین دین کی صورت میں ذمہ دار خود ہوگا
چینج44
راولپنڈی
ولد سکنہ مکان نمبر بلاک کراچی اسلام آباد لاہور راولپنڈی حیدرآباد سیالکوٹ ملتان سرگودھا بحوالہ عدالت سول جج فیملی جج بنام اشتہار بذریعہ اخبار مورخہ کو مقررہ تاریخ پر حاضر ہو کر جواب دعویٰ داخل کریں بصورت دیگر یکطرفہ کارروائی عمل میں لائی جائے گی گمشدگی اصل فائل رجسٹری پلاٹ نمبر سیکٹر گم ہو گئی ہے اگر کسی صاحب کو ملے تو براہ مہربانی مندرجہ ذیل پتہ پر پہنچا دیں شکریہ عاق نامہ میرا بیٹا میری نافرمانی کرتا ہے لہٰذا میں اس کو اپنی جائیداد منقولہ و غیر منقولہ سے عاق کرتا ہوں آئندہ اس کے کسی لین دین کا میں ذمہ دار نہ ہوں گا میں نے اپنا نام تبدیل کر لیا ہے آئندہ مجھے اسی نام سے لکھا اور پکارا جائے میرے تمام تعلیمی اسناد شناختی کارڈ پاسپورٹ اور دیگر دستاویزات میں یہی نام درج کیا جائے اس کے علاوہ کسی اور نام سے کوئی لین دین کی صورت میں ذمہ دار خود ہوگا ولد سکنہ مکان نمبر بلاک کراچی
چینج45
لاہور
اسلام آباد لاہور راولپنڈی حیدرآباد سیالکوٹ ملتان سرگودھا بحوالہ عدالت سول جج فیملی جج بنام اشتہار بذریعہ اخبار مورخہ کو مقررہ تاریخ پر حاضر ہو کر جواب دعویٰ داخل کریں بصورت دیگر یکطرفہ کارروائی عمل میں لائی جائے گی گمشدگی اصل فائل رجسٹری پلاٹ نمبر سیکٹر گم ہو گئی ہے اگر کسی صاحب کو ملے تو براہ مہربانی مندرجہ ذیل پتہ پر پہنچا دیں شکریہ عاق نامہ میرا بیٹا میری نافرمانی کرتا ہے لہٰذا میں اس کو اپنی جائیداد منقولہ و غیر منقولہ سے عاق کرتا ہوں آئندہ اس کے کسی لین دین کا میں ذمہ دار نہ ہوں گا میں نے اپنا نام تبدیل کر لیا ہے آئندہ مجھے اسی نام سے لکھا اور پکارا جائے میرے تمام تعلیمی اسناد شناختی کارڈ پاسپورٹ اور دیگر دستاویزات میں یہی نام درج کیا جائے اس کے علاوہ کسی اور نام سے کوئی لین دین کی صورت میں ذمہ دار خود ہوگا ولد سکنہ
چینج46
لاہور
مکان نمبر بلاک کراچی اسلام آباد لاہور راولپنڈی حیدرآباد سیالکوٹ ملتان سرگودھا بحوالہ عدالت سول جج فیملی جج بنام اشتہار بذریعہ اخبار مورخہ کو مقررہ تاریخ پر حاضر ہو کر جواب دعویٰ داخل کریں بصورت دیگر یکطرفہ کارروائی عمل میں لائی جائے گی گمشدگی اصل فائل رجسٹری پلاٹ نمبر سیکٹر گم ہو گئی ہے اگر کسی صاحب کو ملے تو براہ مہربانی مندرجہ ذیل پتہ پر پہنچا دیں شکریہ عاق نامہ میرا بیٹا میری نافرمانی کرتا ہے لہٰذا میں اس کو اپنی جائیداد منقولہ و غیر منقولہ سے عاق کرتا ہوں آئندہ اس کے کسی لین دین کا میں ذمہ دار نہ ہوں گا میں نے اپنا نام تبدیل کر لیا ہے آئندہ مجھے اسی نام سے لکھا
چینج47
کراچی
اور پکارا جائے میرے تمام تعلیمی اسناد شناختی کارڈ پاسپورٹ اور دیگر دستاویزات میں یہی نام درج کیا جائے اس کے علاوہ کسی اور نام سے کوئی لین دین کی صورت میں ذمہ دار خود ہوگا ولد سکنہ مکان نمبر بلاک کراچی اسلام آباد لاہور راولپنڈی حیدرآباد سیالکوٹ ملتان سرگودھا بحوالہ عدالت سول جج فیملی جج بنام اشتہار بذریعہ اخبار مورخہ کو مقررہ تاریخ پر حاضر ہو کر جواب دعویٰ داخل کریں بصورت دیگر یکطرفہ کارروائی عمل میں لائی جائے گی گمشدگی اصل فائل رجسٹری پلاٹ نمبر سیکٹر گم ہو گئی ہے اگر کسی صاحب کو ملے تو براہ مہربانی مندرجہ ذیل پتہ پر پہنچا دیں شکریہ عاق نامہ میرا بیٹا میری نافرمانی کرتا ہے لہٰذا میں اس کو اپنی جائیداد منقولہ و غیر منقولہ سے عاق کرتا ہوں آئندہ اس کے کسی لین دین کا میں ذمہ دار نہ ہوں گا میں نے اپنا نام تبدیل کر لیا ہے آئندہ مجھے اسی نام سے لکھا اور پکارا جائے میرے تمام تعلیمی اسناد شناختی کارڈ پاسپورٹ اور دیگر دستاویزات میں یہی نام درج کیا جائے اس کے علاوہ کسی اور نام سے کوئی لین دین کی صورت میں ذمہ دار خود ہوگا ولد سکنہ مکان نمبر بلاک کراچی اسلام آباد لاہور راولپنڈی حیدرآباد سیالکوٹ ملتان سرگودھا بحوالہ عدالت سول جج فیملی جج بنام
چینج48
کراچی
اشتہار بذریعہ اخبار مورخہ کو مقررہ تاریخ پر حاضر ہو کر جواب دعویٰ داخل کریں بصورت دیگر یکطرفہ کارروائی عمل میں لائی جائے گی گمشدگی اصل فائل رجسٹری پلاٹ نمبر سیکٹر گم ہو گئی ہے اگر کسی صاحب کو ملے تو براہ مہربانی مندرجہ ذیل پتہ پر پہنچا دیں شکریہ عاق نامہ میرا بیٹا میری نافرمانی کرتا ہے لہٰذا میں اس کو اپنی جائیداد منقولہ و غیر منقولہ سے عاق کرتا ہوں آئندہ اس کے کسی لین دین کا میں ذمہ دار نہ ہوں گا میں نے اپنا نام تبدیل کر لیا ہے آئندہ مجھے اسی نام سے لکھا اور پکارا جائے میرے تمام تعلیمی اسناد شناختی کارڈ پاسپورٹ اور دیگر دستاویزات میں یہی نام درج کیا جائے اس کے علاوہ کسی اور نام سے کوئی لین دین کی صورت میں ذمہ دار خود ہوگا ولد سکنہ مکان نمبر بلاک کراچی اسلام آباد لاہور راولپنڈی حیدرآباد سیالکوٹ ملتان سرگودھا بحوالہ عدالت
چینج49
کراچی
سول جج فیملی جج بنام اشتہار بذریعہ اخبار مورخہ کو مقررہ تاریخ پر حاضر ہو کر جواب دعویٰ داخل کریں بصورت دیگر یکطرفہ کارروائی عمل میں لائی جائے گی گمشدگی اصل
چینج50
کراچی
فائل رجسٹری پلاٹ نمبر سیکٹر گم ہو گئی ہے اگر کسی صاحب کو ملے تو براہ مہربانی مندرجہ ذیل پتہ پر پہنچا دیں شکریہ عاق نامہ میرا بیٹا میری نافرمانی کرتا ہے لہٰذا میں اس کو اپنی جائیداد منقولہ و غیر منقولہ سے عاق کرتا ہوں آئندہ اس کے کسی لین دین کا میں ذمہ دار نہ ہوں گا میں نے اپنا نام تبدیل کر لیا ہے آئندہ مجھے اسی نام سے لکھا اور پکارا جائے میرے تمام تعلیمی اسناد شناختی کارڈ پاسپورٹ اور دیگر دستاویزات میں یہی نام درج کیا جائے اس کے علاوہ کسی اور نام سے کوئی لین دین کی صورت میں ذمہ دار خود ہوگا ولد سکنہ مکان نمبر بلاک کراچی اسلام آباد لاہور راولپنڈی حیدرآباد سیالکوٹ ملتان سرگودھا بحوالہ عدالت سول جج فیملی جج بنام اشتہار بذریعہ اخبار مورخہ کو مقررہ تاریخ پر حاضر ہو کر جواب دعویٰ داخل کریں بصورت دیگر یکطرفہ کارروائی عمل میں لائی جائے گی گمشدگی اصل فائل رجسٹری پلاٹ نمبر سیکٹر گم ہو گئی ہے اگر کسی صاحب کو ملے تو براہ مہربانی مندرجہ ذیل پتہ پر پہنچا دیں شکریہ عاق نامہ میرا بیٹا میری نافرمانی کرتا ہے لہٰذا میں اس کو اپنی جائیداد منقولہ و غیر منقولہ سے عاق کرتا ہوں آئندہ اس کے کسی لین
چینج51
کراچی
دین کا میں ذمہ دار نہ ہوں گا میں نے اپنا نام تبدیل کر لیا ہے آئندہ مجھے اسی نام سے لکھا اور پکارا جائے میرے تمام تعلیمی اسناد شناختی کارڈ پاسپورٹ اور دیگر دستاویزات میں یہی نام درج کیا جائے اس کے علاوہ کسی اور نام سے کوئی لین دین کی صورت میں ذمہ دار خود ہوگا ولد سکنہ مکان نمبر بلاک کراچی اسلام آباد لاہور راولپنڈی حیدرآباد سیالکوٹ ملتان سرگودھا بحوالہ عدالت سول جج
